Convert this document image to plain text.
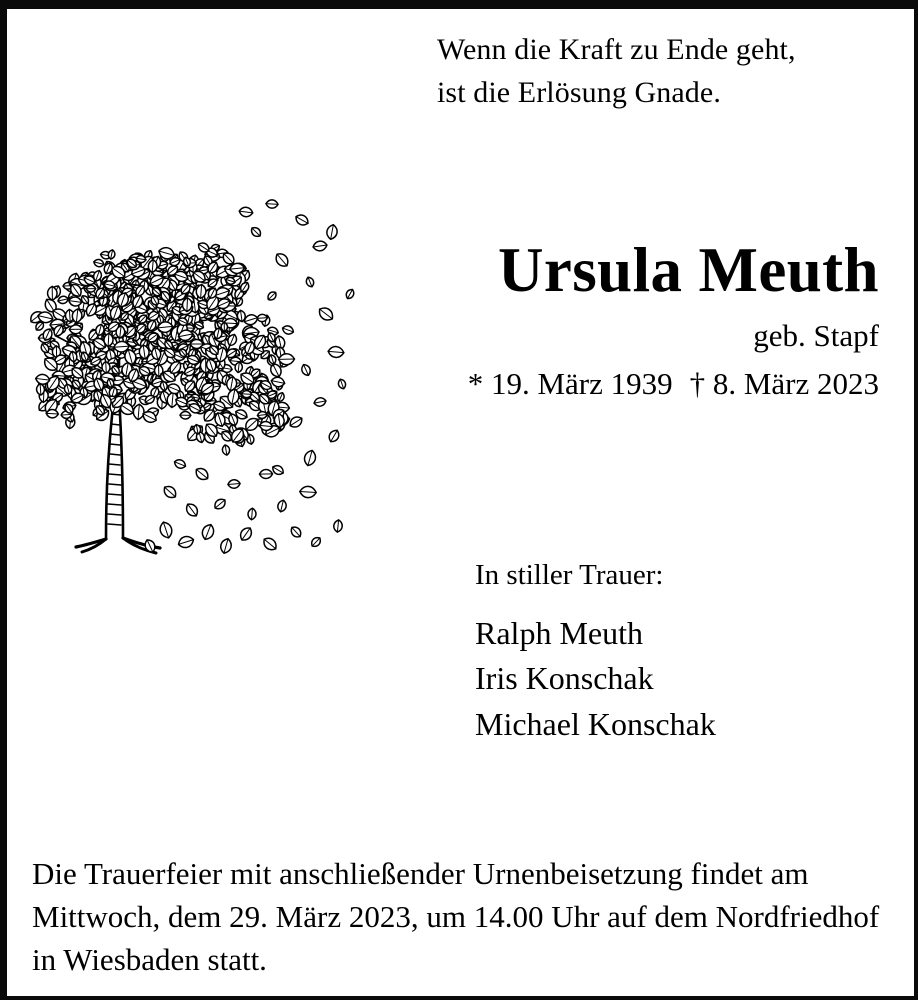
Wenn die Kraft zu Ende geht,
ist die Erlösung Gnade.
Ursula Meuth
geb. Stapf
* 19. März 1939 † 8. März 2023
In stiller Trauer:
Ralph Meuth
Iris Konschak
Michael Konschak
Die Trauerfeier mit anschließender Urnenbeisetzung findet am Mittwoch, dem 29. März 2023, um 14.00 Uhr auf dem Nordfriedhof in Wiesbaden statt.
